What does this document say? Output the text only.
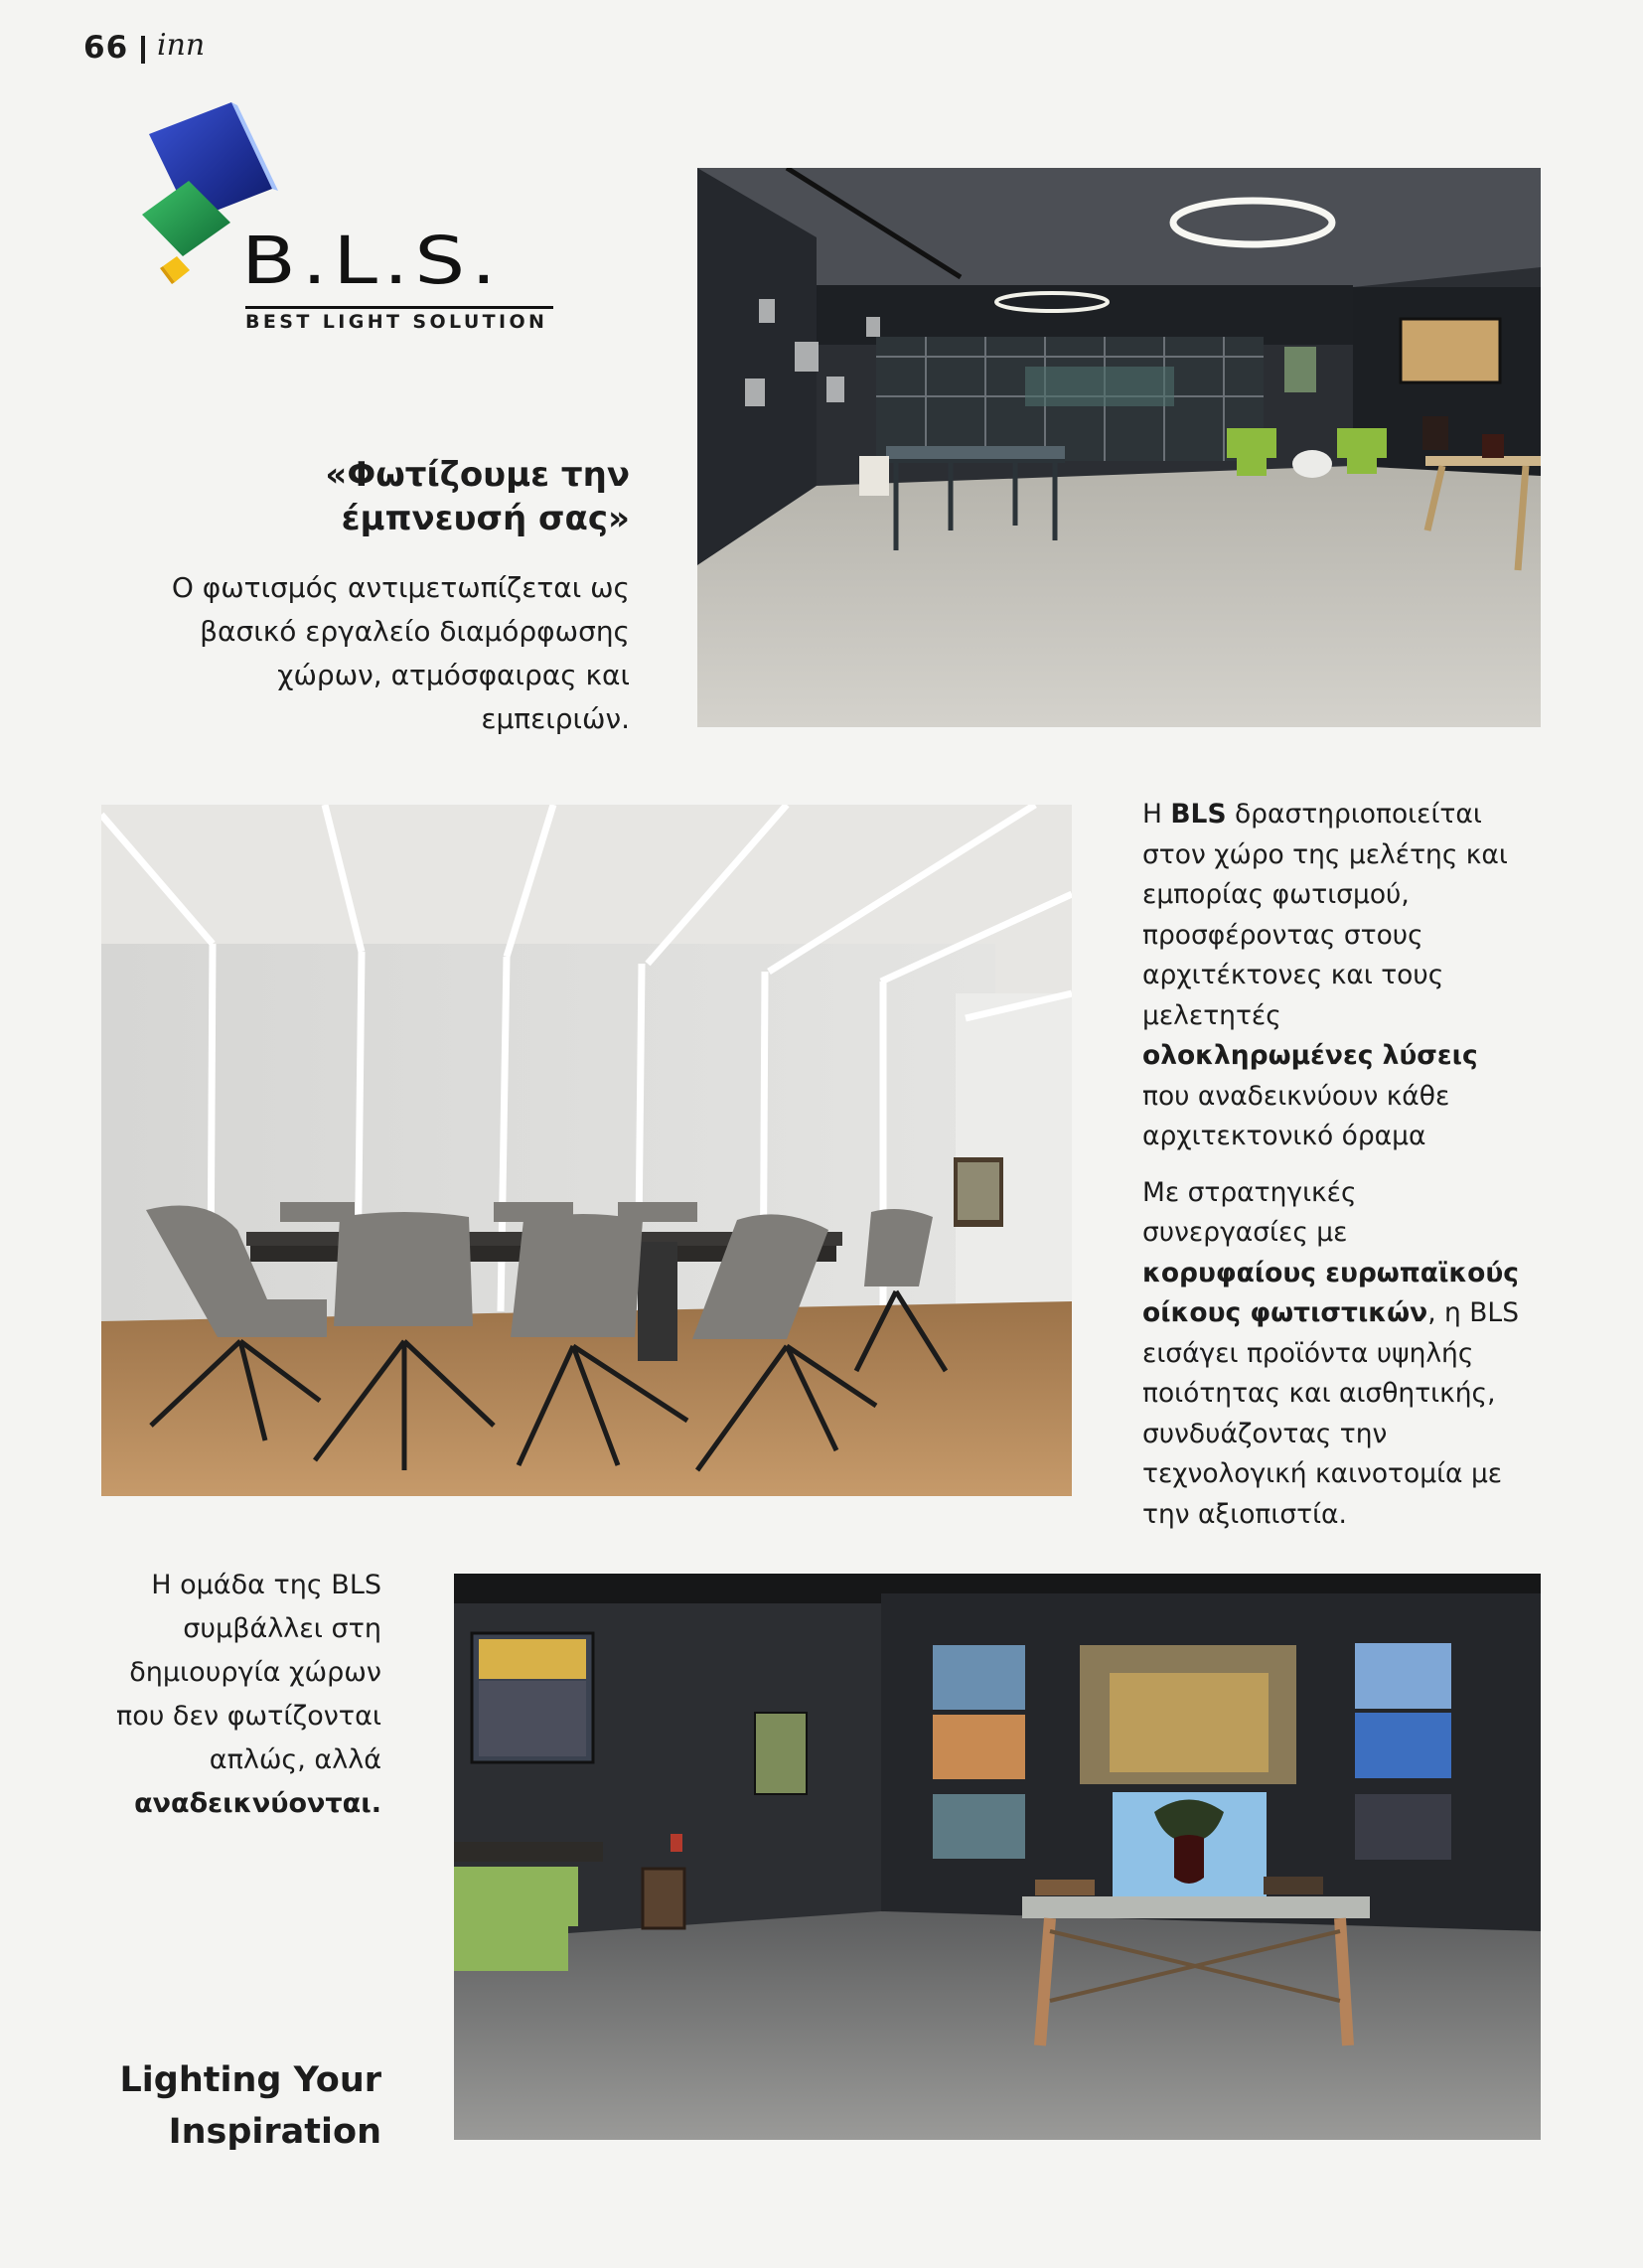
66 inn
B.L.S.
BEST LIGHT SOLUTION
«Φωτίζουμε την έμπνευσή σας»
Ο φωτισμός αντιμετωπίζεται ως βασικό εργαλείο διαμόρφωσης χώρων, ατμόσφαιρας και εμπειριών.

Η BLS δραστηριοποιείται στον χώρο της μελέτης και εμπορίας φωτισμού, προσφέροντας στους αρχιτέκτονες και τους μελετητές ολοκληρωμένες λύσεις που αναδεικνύουν κάθε αρχιτεκτονικό όραμα

Με στρατηγικές συνεργασίες με κορυφαίους ευρωπαϊκούς οίκους φωτιστικών, η BLS εισάγει προϊόντα υψηλής ποιότητας και αισθητικής, συνδυάζοντας την τεχνολογική καινοτομία με την αξιοπιστία.

Η ομάδα της BLS συμβάλλει στη δημιουργία χώρων που δεν φωτίζονται απλώς, αλλά αναδεικνύονται.
Lighting Your
Inspiration
